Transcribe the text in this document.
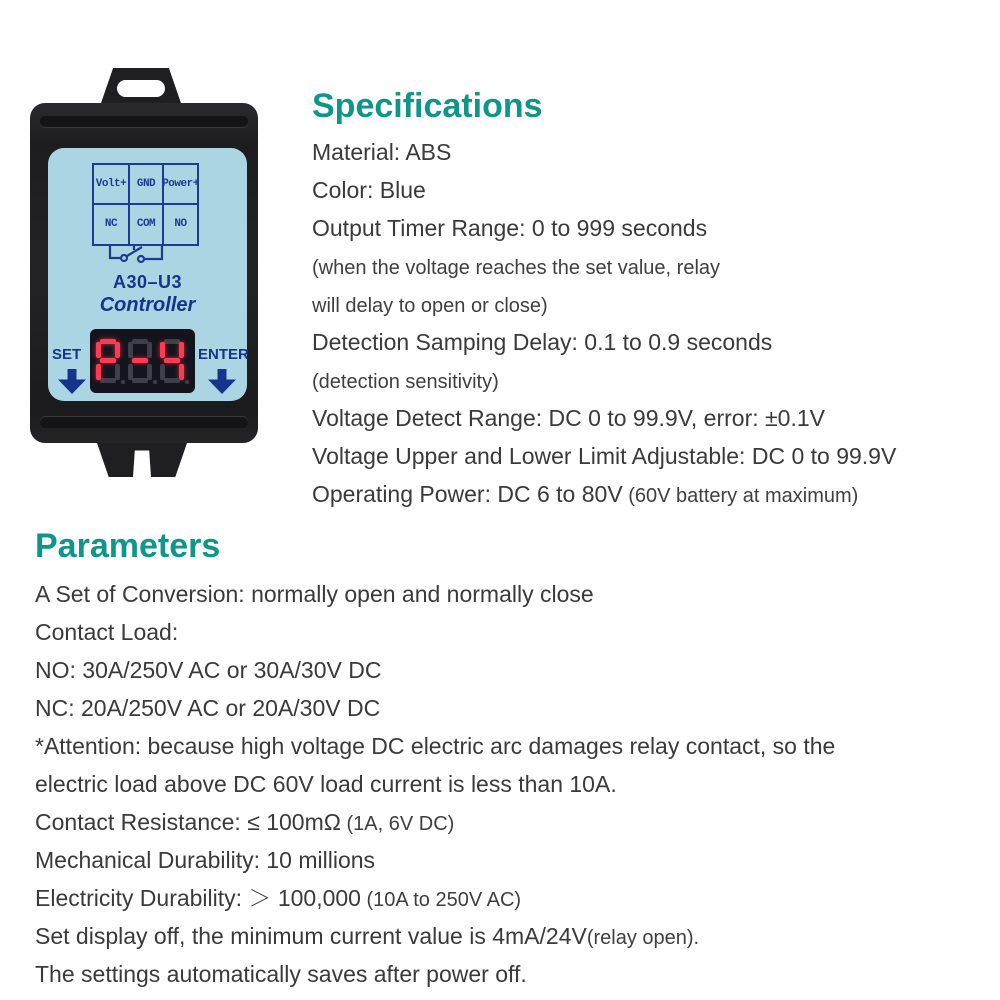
Volt+ GND Power+
NC	COM	NO
A30–U3
Controller
SET	ENTER
Specifications
Material: ABS
Color: Blue
Output Timer Range: 0 to 999 seconds
(when the voltage reaches the set value, relay
will delay to open or close)
Detection Samping Delay: 0.1 to 0.9 seconds
(detection sensitivity)
Voltage Detect Range: DC 0 to 99.9V, error: ±0.1V
Voltage Upper and Lower Limit Adjustable: DC 0 to 99.9V
Operating Power: DC 6 to 80V (60V battery at maximum)
Parameters
A Set of Conversion: normally open and normally close
Contact Load:
NO: 30A/250V AC or 30A/30V DC
NC: 20A/250V AC or 20A/30V DC
*Attention: because high voltage DC electric arc damages relay contact, so the
electric load above DC 60V load current is less than 10A.
Contact Resistance: ≤ 100mΩ (1A, 6V DC)
Mechanical Durability: 10 millions
Electricity Durability: ＞ 100,000 (10A to 250V AC)
Set display off, the minimum current value is 4mA/24V(relay open).
The settings automatically saves after power off.
